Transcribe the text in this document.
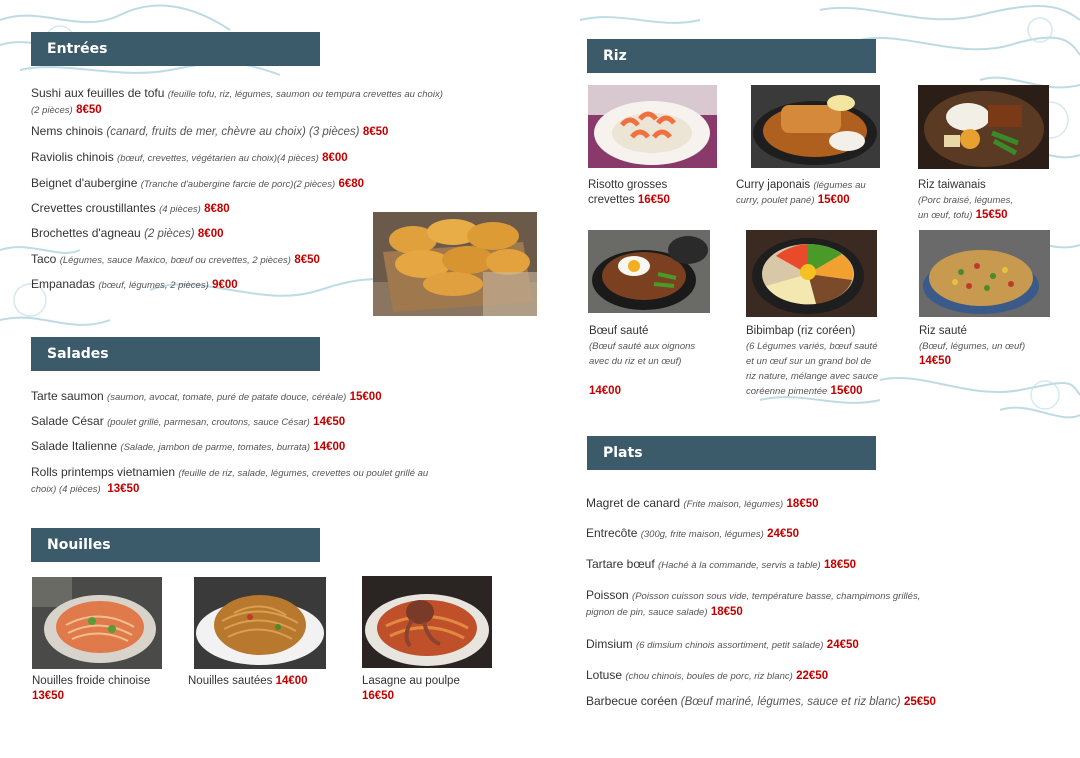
Entrées
Sushi aux feuilles de tofu (feuille tofu, riz, légumes, saumon ou tempura crevettes au choix)
(2 pièces) 8€50
Nems chinois (canard, fruits de mer, chèvre au choix) (3 pièces) 8€50
Raviolis chinois (bœuf, crevettes, végétarien au choix)(4 pièces) 8€00
Beignet d'aubergine (Tranche d'aubergine farcie de porc)(2 pièces) 6€80
Crevettes croustillantes (4 pièces) 8€80
Brochettes d'agneau (2 pièces) 8€00
Taco (Légumes, sauce Maxico, bœuf ou crevettes, 2 pièces) 8€50
Empanadas (bœuf, légumes, 2 pièces) 9€00
Salades
Tarte saumon (saumon, avocat, tomate, puré de patate douce, céréale) 15€00
Salade César (poulet grillé, parmesan, croutons, sauce César) 14€50
Salade Italienne (Salade, jambon de parme, tomates, burrata) 14€00
Rolls printemps vietnamien (feuille de riz, salade, légumes, crevettes ou poulet grillé au
choix) (4 pièces) 13€50
Nouilles
Nouilles froide chinoise
13€50
Nouilles sautées 14€00	Lasagne au poulpe
16€50
Riz
Risotto grosses
crevettes 16€50
Curry japonais (légumes au
curry, poulet pané) 15€00
Riz taiwanais
(Porc braisé, légumes,
un œuf, tofu) 15€50
Bœuf sauté
(Bœuf sauté aux oignons
avec du riz et un œuf)

14€00
Bibimbap (riz coréen)
(6 Légumes variés, bœuf sauté
et un œuf sur un grand bol de
riz nature, mélange avec sauce
coréenne pimentée 15€00
Riz sauté
(Bœuf, légumes, un œuf)
14€50
Plats
Magret de canard (Frite maison, légumes) 18€50
Entrecôte (300g, frite maison, légumes) 24€50
Tartare bœuf (Haché à la commande, servis a table) 18€50
Poisson (Poisson cuisson sous vide, température basse, champimons grillés,
pignon de pin, sauce salade) 18€50
Dimsium (6 dimsium chinois assortiment, petit salade) 24€50
Lotuse (chou chinois, boules de porc, riz blanc) 22€50
Barbecue coréen (Bœuf mariné, légumes, sauce et riz blanc) 25€50
